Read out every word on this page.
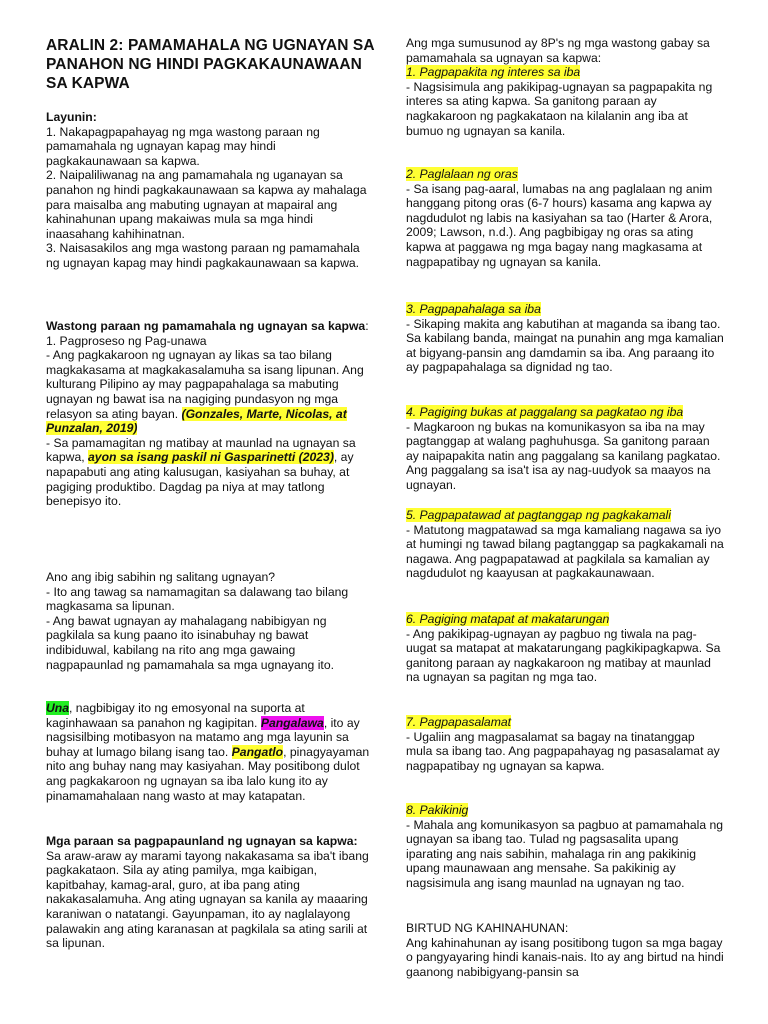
ARALIN 2: PAMAMAHALA NG UGNAYAN SA PANAHON NG HINDI PAGKAKAUNAWAAN SA KAPWA

Layunin:

1. Nakapagpapahayag ng mga wastong paraan ng pamamahala ng ugnayan kapag may hindi pagkakaunawaan sa kapwa.

2. Naipaliliwanag na ang pamamahala ng uganayan sa panahon ng hindi pagkakaunawaan sa kapwa ay mahalaga para maisalba ang mabuting ugnayan at mapairal ang kahinahunan upang makaiwas mula sa mga hindi inaasahang kahihinatnan.

3. Naisasakilos ang mga wastong paraan ng pamamahala ng ugnayan kapag may hindi pagkakaunawaan sa kapwa.

Wastong paraan ng pamamahala ng ugnayan sa kapwa:

1. Pagproseso ng Pag-unawa

- Ang pagkakaroon ng ugnayan ay likas sa tao bilang magkakasama at magkakasalamuha sa isang lipunan. Ang kulturang Pilipino ay may pagpapahalaga sa mabuting ugnayan ng bawat isa na nagiging pundasyon ng mga relasyon sa ating bayan. (Gonzales, Marte, Nicolas, at Punzalan, 2019)

- Sa pamamagitan ng matibay at maunlad na ugnayan sa kapwa, ayon sa isang paskil ni Gasparinetti (2023), ay napapabuti ang ating kalusugan, kasiyahan sa buhay, at pagiging produktibo. Dagdag pa niya at may tatlong benepisyo ito.

Ano ang ibig sabihin ng salitang ugnayan?

- Ito ang tawag sa namamagitan sa dalawang tao bilang magkasama sa lipunan.

- Ang bawat ugnayan ay mahalagang nabibigyan ng pagkilala sa kung paano ito isinabuhay ng bawat indibiduwal, kabilang na rito ang mga gawaing nagpapaunlad ng pamamahala sa mga ugnayang ito.

Una, nagbibigay ito ng emosyonal na suporta at kaginhawaan sa panahon ng kagipitan. Pangalawa, ito ay nagsisilbing motibasyon na matamo ang mga layunin sa buhay at lumago bilang isang tao. Pangatlo, pinagyayaman nito ang buhay nang may kasiyahan. May positibong dulot ang pagkakaroon ng ugnayan sa iba lalo kung ito ay pinamamahalaan nang wasto at may katapatan.

Mga paraan sa pagpapaunland ng ugnayan sa kapwa:

Sa araw-araw ay marami tayong nakakasama sa iba't ibang pagkakataon. Sila ay ating pamilya, mga kaibigan, kapitbahay, kamag-aral, guro, at iba pang ating nakakasalamuha. Ang ating ugnayan sa kanila ay maaaring karaniwan o natatangi. Gayunpaman, ito ay naglalayong palawakin ang ating karanasan at pagkilala sa ating sarili at sa lipunan.

Ang mga sumusunod ay 8P's ng mga wastong gabay sa pamamahala sa ugnayan sa kapwa:

1. Pagpapakita ng interes sa iba

- Nagsisimula ang pakikipag-ugnayan sa pagpapakita ng interes sa ating kapwa. Sa ganitong paraan ay nagkakaroon ng pagkakataon na kilalanin ang iba at bumuo ng ugnayan sa kanila.

2. Paglalaan ng oras

- Sa isang pag-aaral, lumabas na ang paglalaan ng anim hanggang pitong oras (6-7 hours) kasama ang kapwa ay nagdudulot ng labis na kasiyahan sa tao (Harter & Arora, 2009; Lawson, n.d.). Ang pagbibigay ng oras sa ating kapwa at paggawa ng mga bagay nang magkasama at nagpapatibay ng ugnayan sa kanila.

3. Pagpapahalaga sa iba

- Sikaping makita ang kabutihan at maganda sa ibang tao. Sa kabilang banda, maingat na punahin ang mga kamalian at bigyang-pansin ang damdamin sa iba. Ang paraang ito ay pagpapahalaga sa dignidad ng tao.

4. Pagiging bukas at paggalang sa pagkatao ng iba

- Magkaroon ng bukas na komunikasyon sa iba na may pagtanggap at walang paghuhusga. Sa ganitong paraan ay naipapakita natin ang paggalang sa kanilang pagkatao. Ang paggalang sa isa't isa ay nag-uudyok sa maayos na ugnayan.

5. Pagpapatawad at pagtanggap ng pagkakamali

- Matutong magpatawad sa mga kamaliang nagawa sa iyo at humingi ng tawad bilang pagtanggap sa pagkakamali na nagawa. Ang pagpapatawad at pagkilala sa kamalian ay nagdudulot ng kaayusan at pagkakaunawaan.

6. Pagiging matapat at makatarungan

- Ang pakikipag-ugnayan ay pagbuo ng tiwala na pag-uugat sa matapat at makatarungang pagkikipagkapwa. Sa ganitong paraan ay nagkakaroon ng matibay at maunlad na ugnayan sa pagitan ng mga tao.

7. Pagpapasalamat

- Ugaliin ang magpasalamat sa bagay na tinatanggap mula sa ibang tao. Ang pagpapahayag ng pasasalamat ay nagpapatibay ng ugnayan sa kapwa.

8. Pakikinig

- Mahala ang komunikasyon sa pagbuo at pamamahala ng ugnayan sa ibang tao. Tulad ng pagsasalita upang iparating ang nais sabihin, mahalaga rin ang pakikinig upang maunawaan ang mensahe. Sa pakikinig ay nagsisimula ang isang maunlad na ugnayan ng tao.

BIRTUD NG KAHINAHUNAN:

Ang kahinahunan ay isang positibong tugon sa mga bagay o pangyayaring hindi kanais-nais. Ito ay ang birtud na hindi gaanong nabibigyang-pansin sa
